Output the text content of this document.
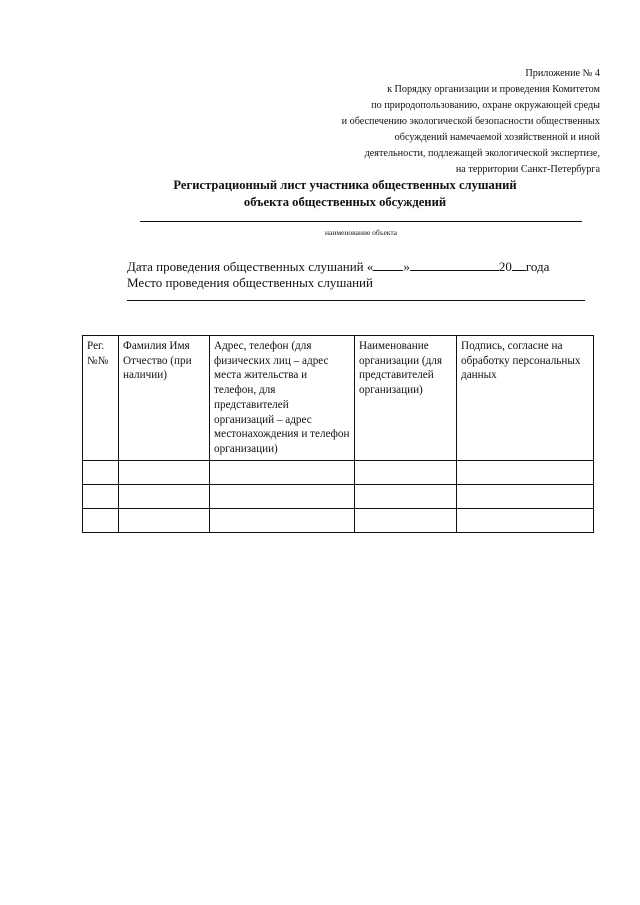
Приложение № 4
к Порядку организации и проведения Комитетом
по природопользованию, охране окружающей среды
и обеспечению экологической безопасности общественных
обсуждений намечаемой хозяйственной и иной
деятельности, подлежащей экологической экспертизе,
на территории Санкт-Петербурга
Регистрационный лист участника общественных слушаний
объекта общественных обсуждений
наименование объекта
Дата проведения общественных слушаний « »	20 года
Место проведения общественных слушаний
Рег. №№	Фамилия Имя Отчество (при наличии)	Адрес, телефон (для физических лиц – адрес места жительства и телефон, для представителей организаций – адрес местонахождения и телефон организации)	Наименование организации (для представителей организации)	Подпись, согласие на обработку персональных данных
